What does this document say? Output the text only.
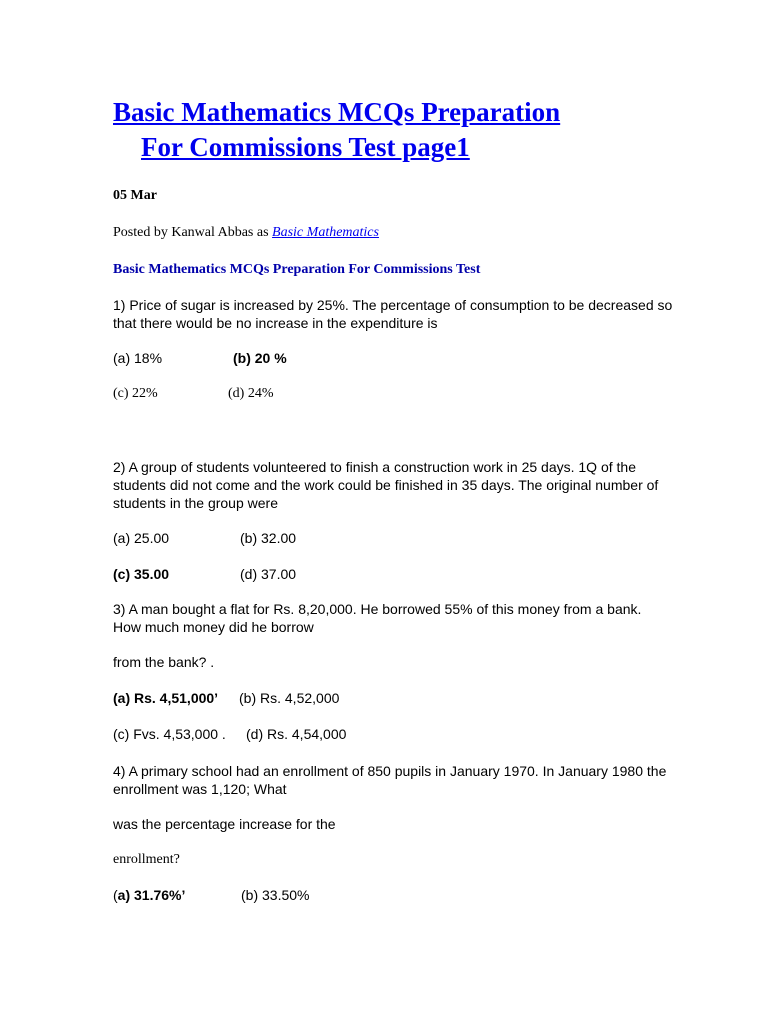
Basic Mathematics MCQs Preparation
For Commissions Test page1
05 Mar
Posted by Kanwal Abbas as Basic Mathematics
Basic Mathematics MCQs Preparation For Commissions Test
1) Price of sugar is increased by 25%. The percentage of consumption to be decreased so that there would be no increase in the expenditure is
(a) 18%	(b) 20 %
(c) 22%	(d) 24%
2) A group of students volunteered to finish a construction work in 25 days. 1Q of the students did not come and the work could be finished in 35 days. The original number of students in the group were
(a) 25.00	(b) 32.00
(c) 35.00	(d) 37.00
3) A man bought a flat for Rs. 8,20,000. He borrowed 55% of this money from a bank. How much money did he borrow
from the bank? .
(a) Rs. 4,51,000’	(b) Rs. 4,52,000
(c) Fvs. 4,53,000 .	(d) Rs. 4,54,000
4) A primary school had an enrollment of 850 pupils in January 1970. In January 1980 the enrollment was 1,120; What
was the percentage increase for the
enrollment?
(a) 31.76%’	(b) 33.50%
